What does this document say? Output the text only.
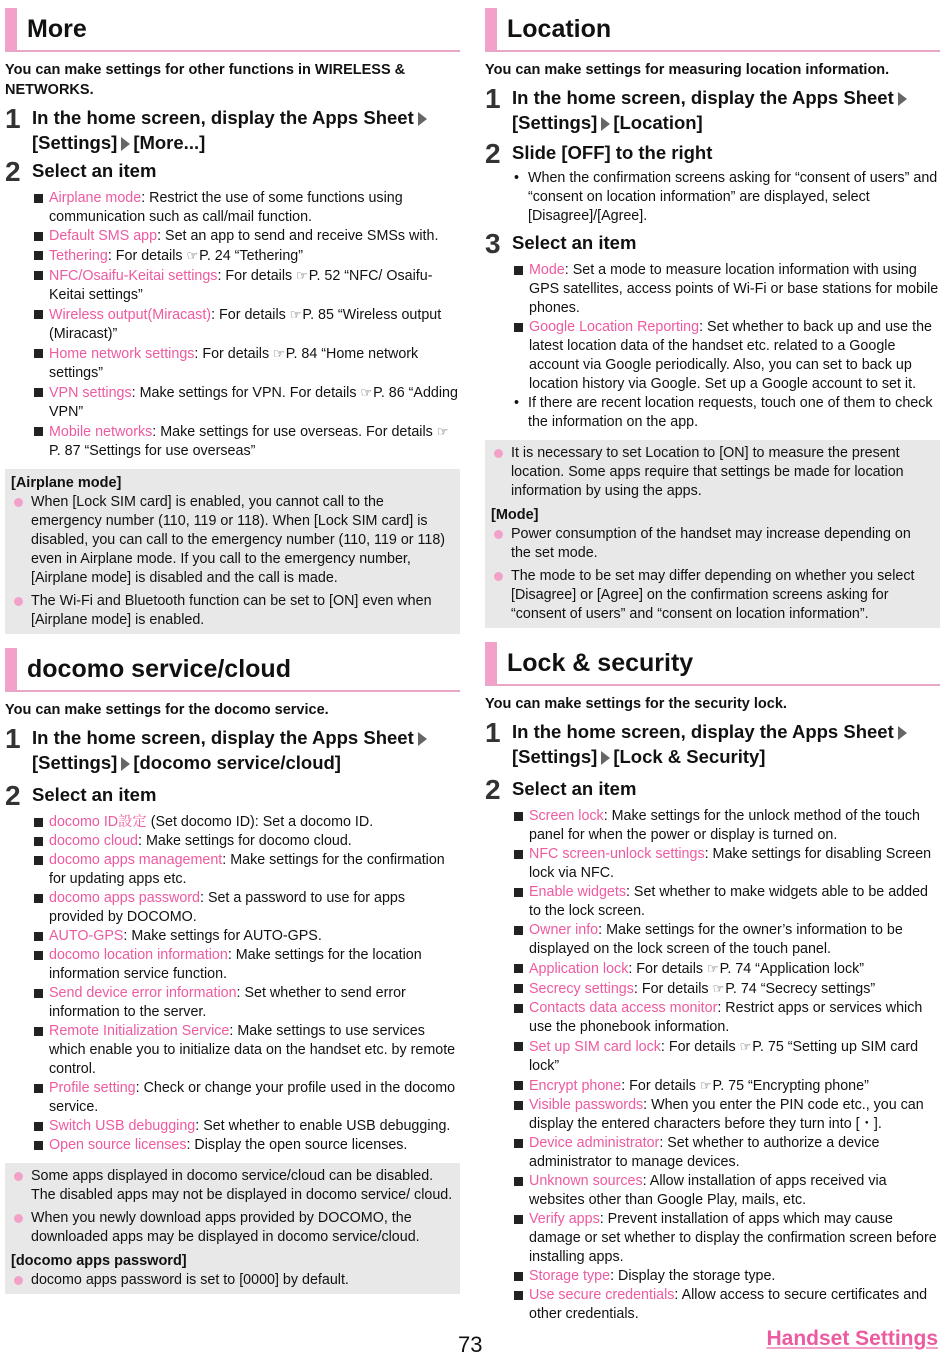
More
You can make settings for other functions in WIRELESS & NETWORKS.
1 In the home screen, display the Apps Sheet
[Settings] [More...]
2 Select an item
Airplane mode: Restrict the use of some functions using communication such as call/mail function.
Default SMS app: Set an app to send and receive SMSs with.
Tethering: For details ☞P. 24 “Tethering”
NFC/Osaifu-Keitai settings: For details ☞P. 52 “NFC/ Osaifu-Keitai settings”
Wireless output(Miracast): For details ☞P. 85 “Wireless output (Miracast)”
Home network settings: For details ☞P. 84 “Home network settings”
VPN settings: Make settings for VPN. For details ☞P. 86 “Adding VPN”
Mobile networks: Make settings for use overseas. For details ☞P. 87 “Settings for use overseas”
[Airplane mode]
When [Lock SIM card] is enabled, you cannot call to the emergency number (110, 119 or 118). When [Lock SIM card] is disabled, you can call to the emergency number (110, 119 or 118) even in Airplane mode. If you call to the emergency number, [Airplane mode] is disabled and the call is made.
The Wi-Fi and Bluetooth function can be set to [ON] even when [Airplane mode] is enabled.
docomo service/cloud
You can make settings for the docomo service.
1 In the home screen, display the Apps Sheet
[Settings] [docomo service/cloud]
2 Select an item
docomo ID設定 (Set docomo ID): Set a docomo ID.
docomo cloud: Make settings for docomo cloud.
docomo apps management: Make settings for the confirmation for updating apps etc.
docomo apps password: Set a password to use for apps provided by DOCOMO.
AUTO-GPS: Make settings for AUTO-GPS.
docomo location information: Make settings for the location information service function.
Send device error information: Set whether to send error information to the server.
Remote Initialization Service: Make settings to use services which enable you to initialize data on the handset etc. by remote control.
Profile setting: Check or change your profile used in the docomo service.
Switch USB debugging: Set whether to enable USB debugging.
Open source licenses: Display the open source licenses.
Some apps displayed in docomo service/cloud can be disabled. The disabled apps may not be displayed in docomo service/ cloud.
When you newly download apps provided by DOCOMO, the downloaded apps may be displayed in docomo service/cloud.
[docomo apps password]
docomo apps password is set to [0000] by default.
Location
You can make settings for measuring location information.
1 In the home screen, display the Apps Sheet
[Settings] [Location]
2 Slide [OFF] to the right
• When the confirmation screens asking for “consent of users” and “consent on location information” are displayed, select [Disagree]/[Agree].
3 Select an item
Mode: Set a mode to measure location information with using GPS satellites, access points of Wi-Fi or base stations for mobile phones.
Google Location Reporting: Set whether to back up and use the latest location data of the handset etc. related to a Google account via Google periodically. Also, you can set to back up location history via Google. Set up a Google account to set it.
• If there are recent location requests, touch one of them to check the information on the app.
It is necessary to set Location to [ON] to measure the present location. Some apps require that settings be made for location information by using the apps.
[Mode]
Power consumption of the handset may increase depending on the set mode.
The mode to be set may differ depending on whether you select [Disagree] or [Agree] on the confirmation screens asking for “consent of users” and “consent on location information”.
Lock & security
You can make settings for the security lock.
1 In the home screen, display the Apps Sheet
[Settings] [Lock & Security]
2 Select an item
Screen lock: Make settings for the unlock method of the touch panel for when the power or display is turned on.
NFC screen-unlock settings: Make settings for disabling Screen lock via NFC.
Enable widgets: Set whether to make widgets able to be added to the lock screen.
Owner info: Make settings for the owner’s information to be displayed on the lock screen of the touch panel.
Application lock: For details ☞P. 74 “Application lock”
Secrecy settings: For details ☞P. 74 “Secrecy settings”
Contacts data access monitor: Restrict apps or services which use the phonebook information.
Set up SIM card lock: For details ☞P. 75 “Setting up SIM card lock”
Encrypt phone: For details ☞P. 75 “Encrypting phone”
Visible passwords: When you enter the PIN code etc., you can display the entered characters before they turn into [・].
Device administrator: Set whether to authorize a device administrator to manage devices.
Unknown sources: Allow installation of apps received via websites other than Google Play, mails, etc.
Verify apps: Prevent installation of apps which may cause damage or set whether to display the confirmation screen before installing apps.
Storage type: Display the storage type.
Use secure credentials: Allow access to secure certificates and other credentials.
73	Handset Settings
